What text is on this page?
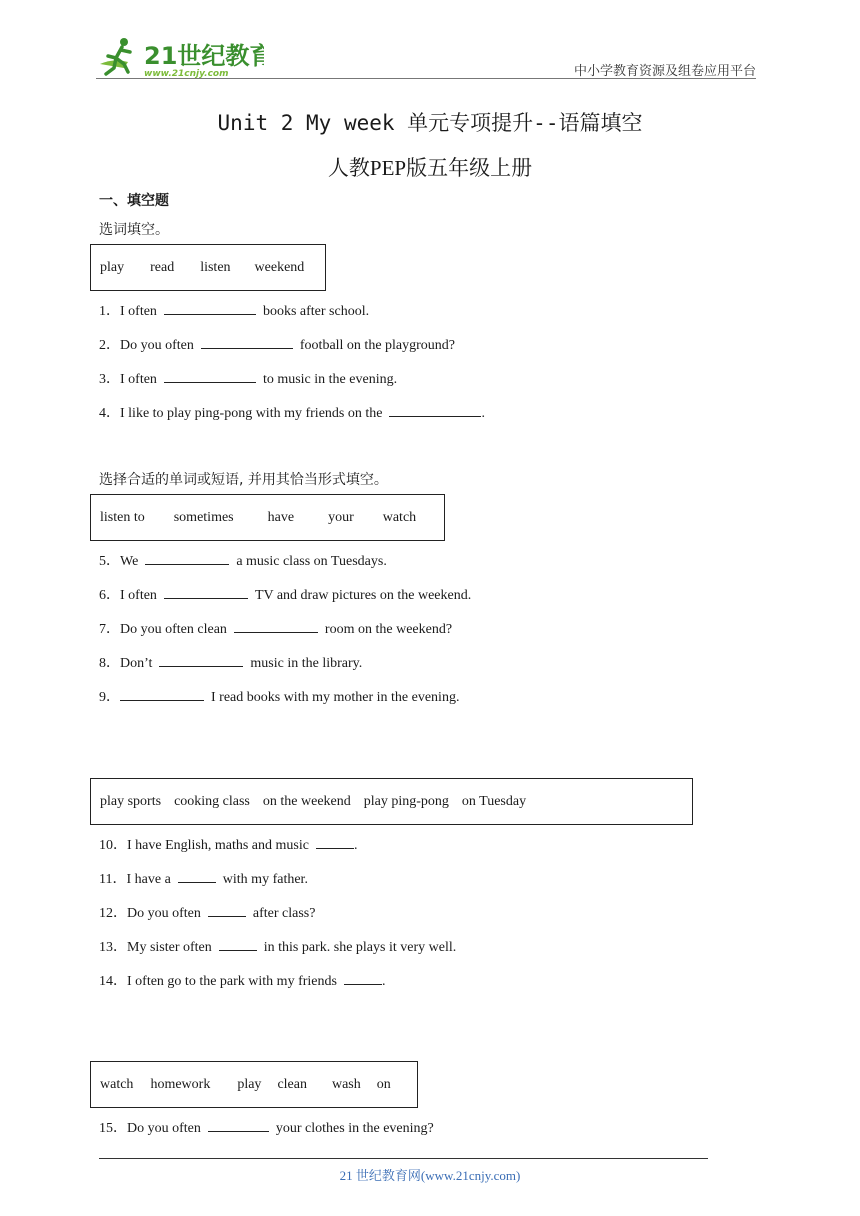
21世纪教育
www.21cnjy.com	中小学教育资源及组卷应用平台
Unit 2 My week 单元专项提升--语篇填空
人教PEP版五年级上册
一、填空题
选词填空。
play read listen weekend
1．I often	books after school.
2．Do you often	football on the playground?
3．I often	to music in the evening.
4．I like to play ping-pong with my friends on the	.
选择合适的单词或短语, 并用其恰当形式填空。
listen to sometimes have your watch
5．We	a music class on Tuesdays.
6．I often	TV and draw pictures on the weekend.
7．Do you often clean	room on the weekend?
8．Don’t	music in the library.
9．	I read books with my mother in the evening.
play sports cooking class on the weekend play ping-pong on Tuesday
10．I have English, maths and music	.
11．I have a	with my father.
12．Do you often	after class?
13．My sister often	in this park. she plays it very well.
14．I often go to the park with my friends	.
watch homework play clean wash on
15．Do you often	your clothes in the evening?
21 世纪教育网(www.21cnjy.com)
